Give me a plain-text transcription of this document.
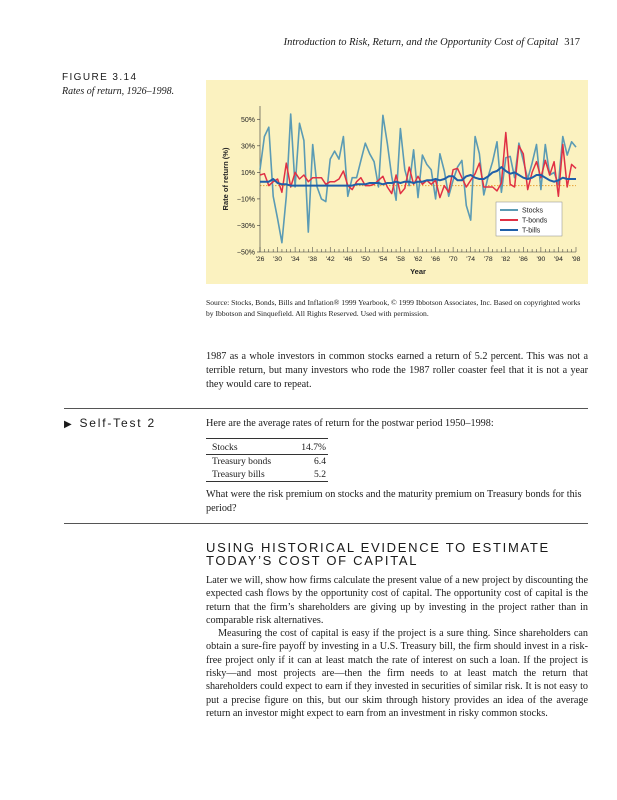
Introduction to Risk, Return, and the Opportunity Cost of Capital 317
FIGURE 3.14
Rates of return, 1926–1998.
50%
30%
10%
−10%
−30%
−50%
'26 '30 '34 '38 '42 '46 '50 '54 '58 '62 '66 '70 '74 '78 '82 '86 '90 '94 '98
Year
Rate of return (%)
Stocks
T-bonds
T-bills
Source: Stocks, Bonds, Bills and Inflation® 1999 Yearbook, © 1999 Ibbotson Associates, Inc. Based on copyrighted works by Ibbotson and Sinquefield. All Rights Reserved. Used with permission.
1987 as a whole investors in common stocks earned a return of 5.2 percent. This was not a terrible return, but many investors who rode the 1987 roller coaster feel that it is not a year they would care to repeat.
▶ Self-Test 2	Here are the average rates of return for the postwar period 1950–1998:
Stocks	14.7%
Treasury bonds	6.4
Treasury bills	5.2
What were the risk premium on stocks and the maturity premium on Treasury bonds for this period?
USING HISTORICAL EVIDENCE TO ESTIMATE
TODAY’S COST OF CAPITAL

Later we will, show how firms calculate the present value of a new project by discounting the expected cash flows by the opportunity cost of capital. The opportunity cost of capital is the return that the firm’s shareholders are giving up by investing in the project rather than in comparable risk alternatives.

Measuring the cost of capital is easy if the project is a sure thing. Since shareholders can obtain a sure-fire payoff by investing in a U.S. Treasury bill, the firm should invest in a risk-free project only if it can at least match the rate of interest on such a loan. If the project is risky—and most projects are—then the firm needs to at least match the return that shareholders could expect to earn if they invested in securities of similar risk. It is not easy to put a precise figure on this, but our skim through history provides an idea of the average return an investor might expect to earn from an investment in risky common stocks.
